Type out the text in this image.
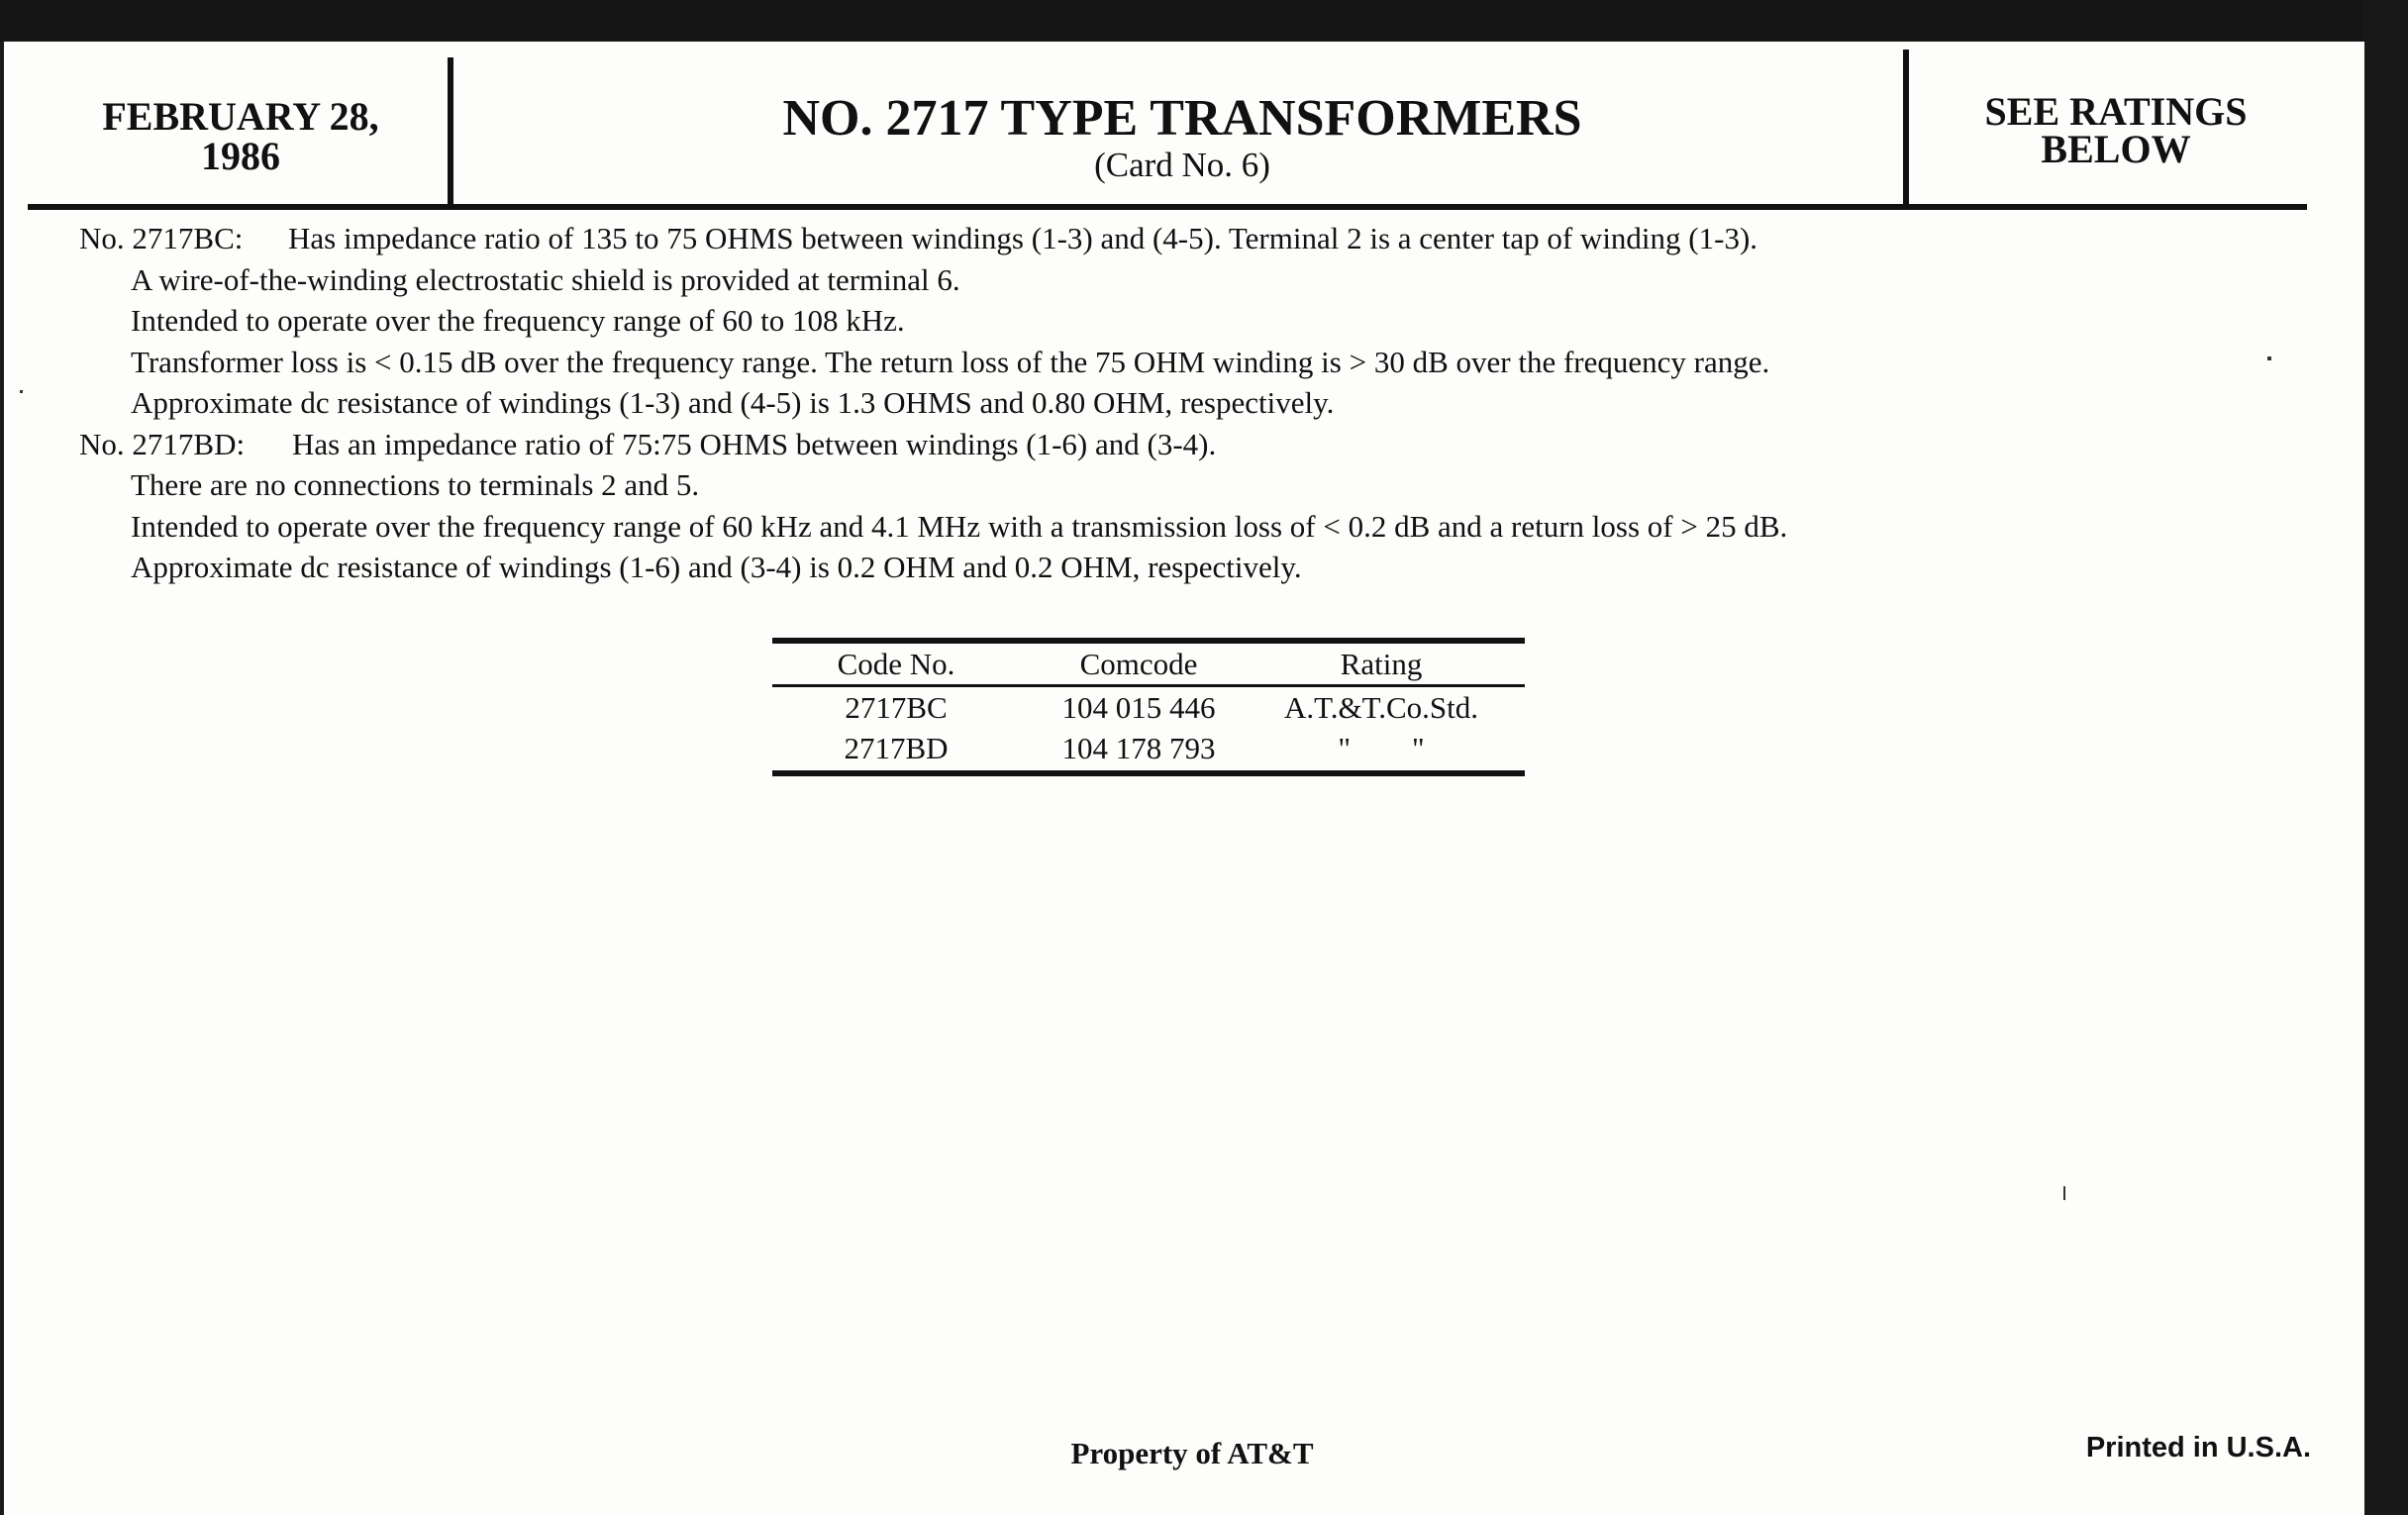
FEBRUARY 28,
1986
NO. 2717 TYPE TRANSFORMERS
(Card No. 6)
SEE RATINGS
BELOW
No. 2717BC: Has impedance ratio of 135 to 75 OHMS between windings (1-3) and (4-5). Terminal 2 is a center tap of winding (1-3).
A wire-of-the-winding electrostatic shield is provided at terminal 6.
Intended to operate over the frequency range of 60 to 108 kHz.
Transformer loss is < 0.15 dB over the frequency range. The return loss of the 75 OHM winding is > 30 dB over the frequency range.
Approximate dc resistance of windings (1-3) and (4-5) is 1.3 OHMS and 0.80 OHM, respectively.
No. 2717BD: Has an impedance ratio of 75:75 OHMS between windings (1-6) and (3-4).
There are no connections to terminals 2 and 5.
Intended to operate over the frequency range of 60 kHz and 4.1 MHz with a transmission loss of < 0.2 dB and a return loss of > 25 dB.
Approximate dc resistance of windings (1-6) and (3-4) is 0.2 OHM and 0.2 OHM, respectively.
Code No.	Comcode	Rating
2717BC	104 015 446	A.T.&T.Co.Std.
2717BD	104 178 793	"        "
Property of AT&T	Printed in U.S.A.
